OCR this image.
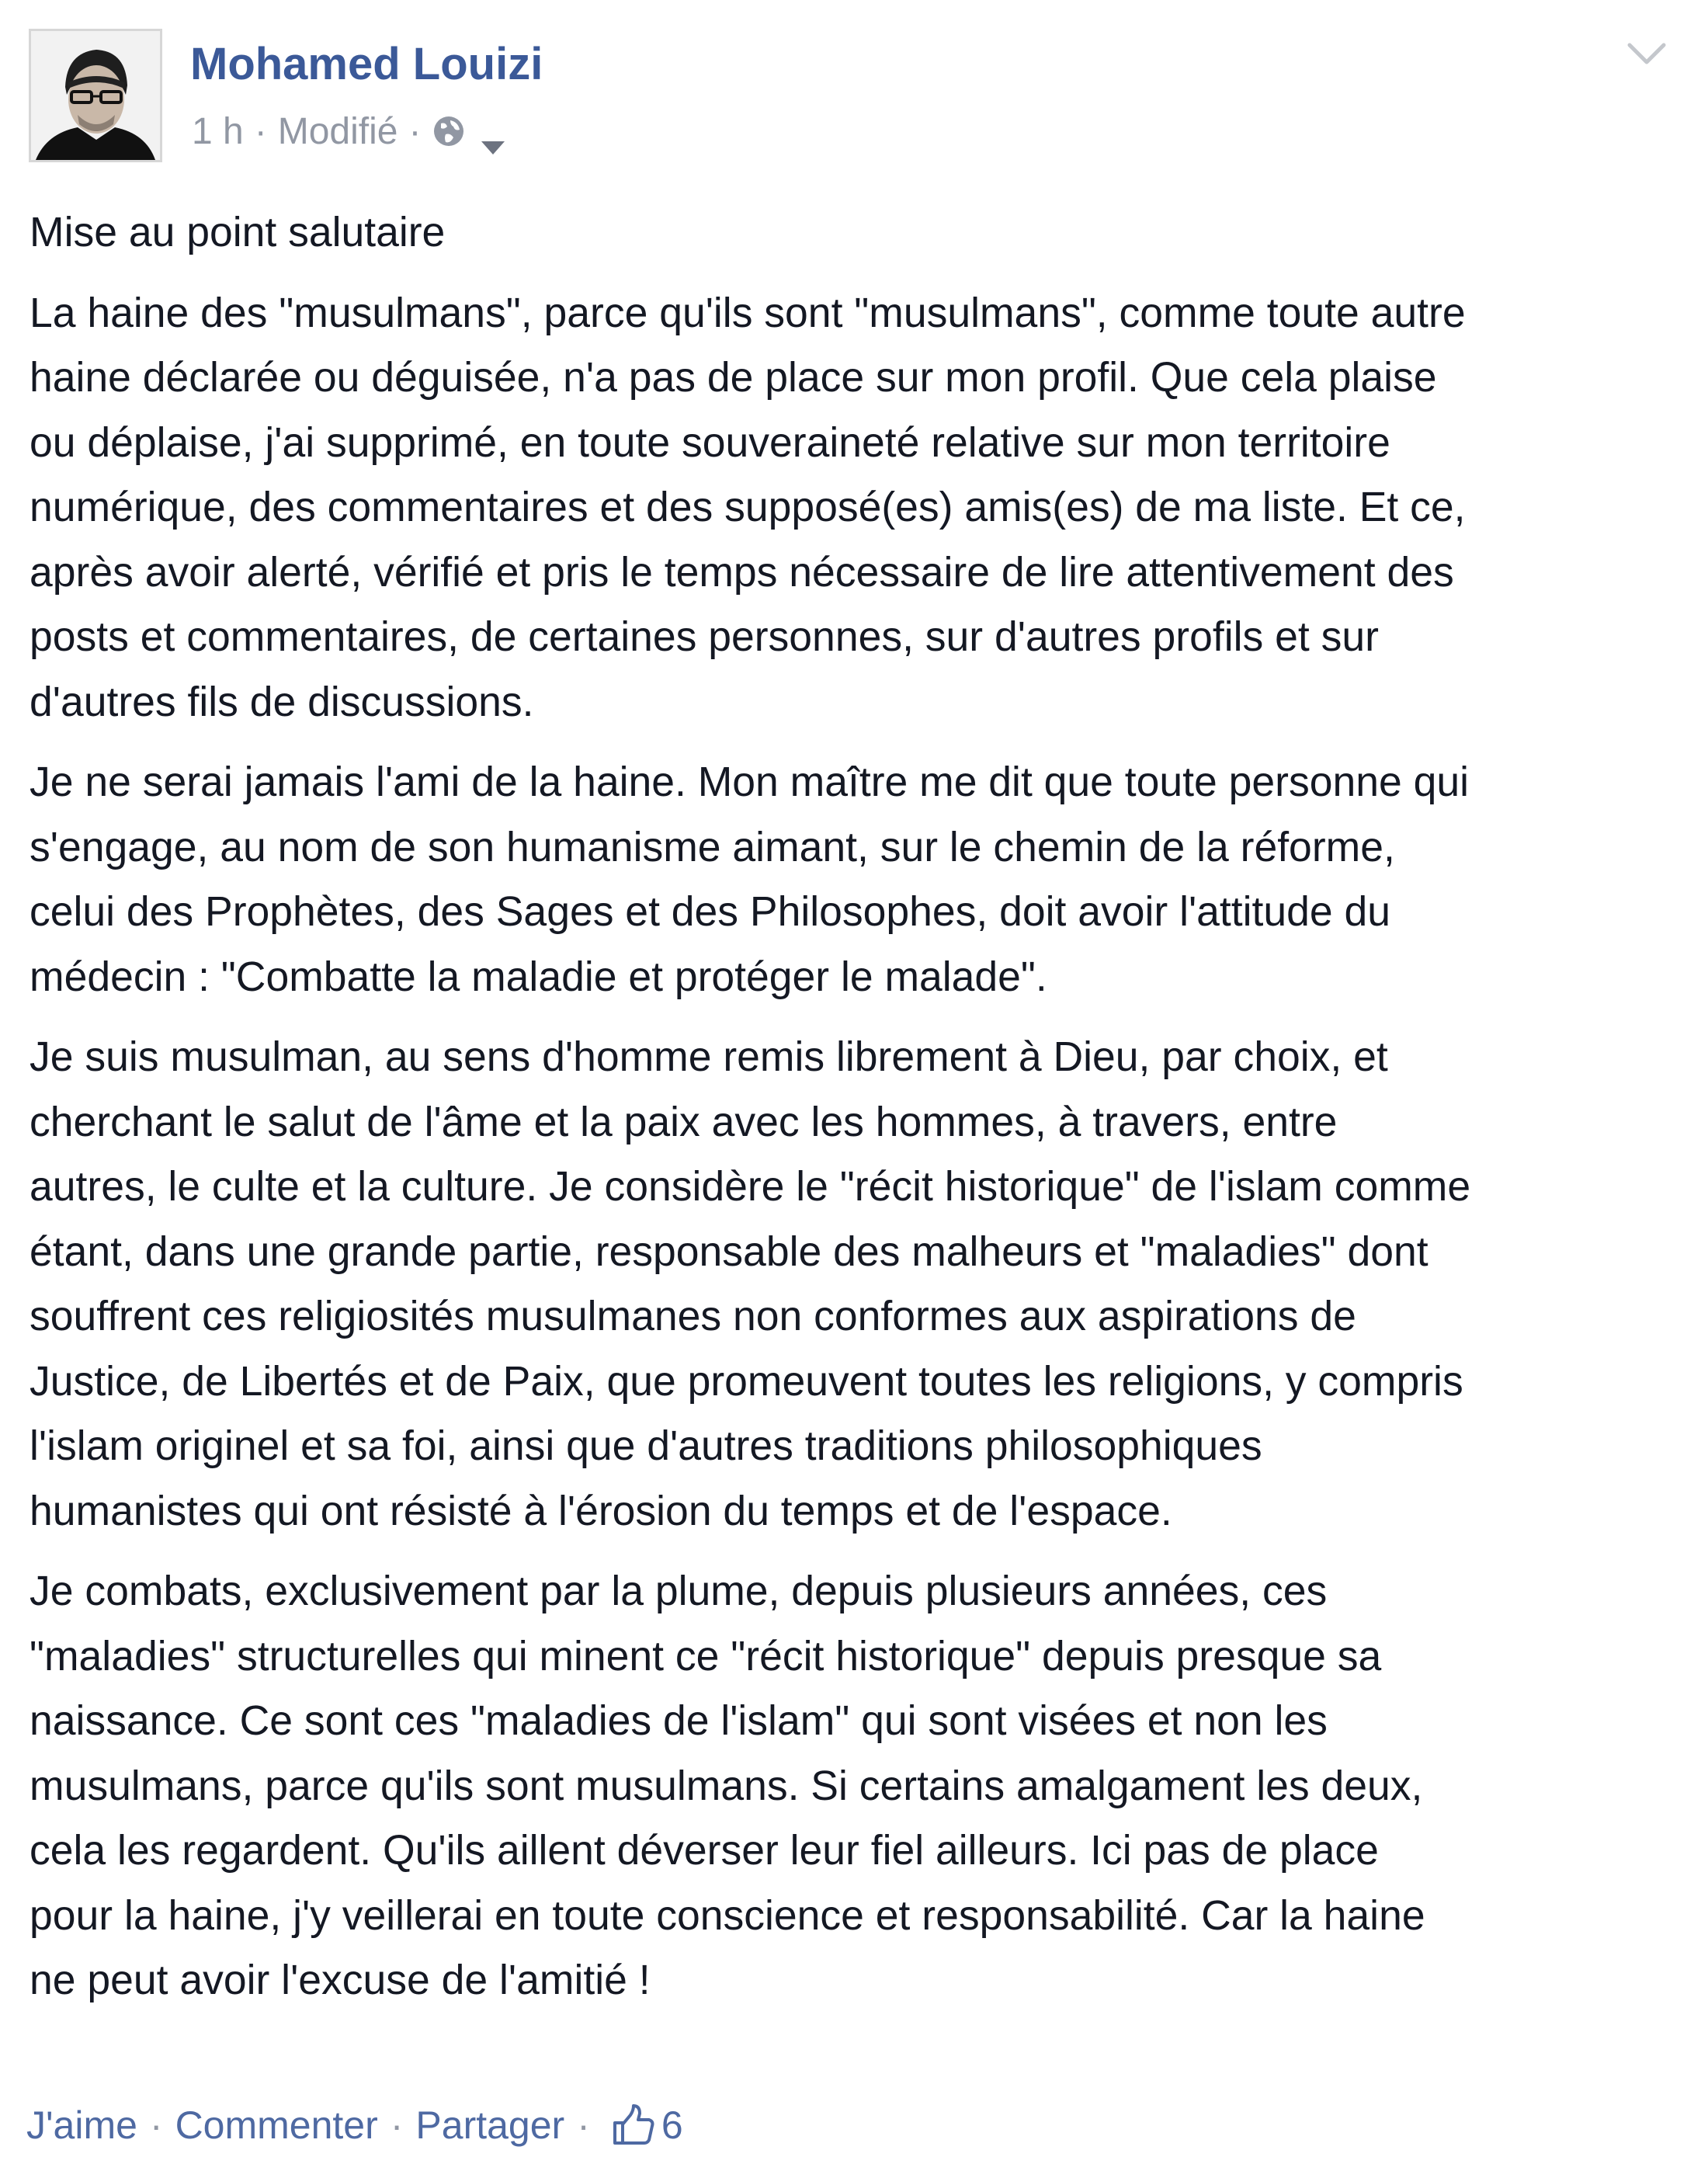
Mohamed Louizi
1 h · Modifié ·

Mise au point salutaire

La haine des "musulmans", parce qu'ils sont "musulmans", comme toute autre
haine déclarée ou déguisée, n'a pas de place sur mon profil. Que cela plaise
ou déplaise, j'ai supprimé, en toute souveraineté relative sur mon territoire
numérique, des commentaires et des supposé(es) amis(es) de ma liste. Et ce,
après avoir alerté, vérifié et pris le temps nécessaire de lire attentivement des
posts et commentaires, de certaines personnes, sur d'autres profils et sur
d'autres fils de discussions.

Je ne serai jamais l'ami de la haine. Mon maître me dit que toute personne qui
s'engage, au nom de son humanisme aimant, sur le chemin de la réforme,
celui des Prophètes, des Sages et des Philosophes, doit avoir l'attitude du
médecin : "Combatte la maladie et protéger le malade".

Je suis musulman, au sens d'homme remis librement à Dieu, par choix, et
cherchant le salut de l'âme et la paix avec les hommes, à travers, entre
autres, le culte et la culture. Je considère le "récit historique" de l'islam comme
étant, dans une grande partie, responsable des malheurs et "maladies" dont
souffrent ces religiosités musulmanes non conformes aux aspirations de
Justice, de Libertés et de Paix, que promeuvent toutes les religions, y compris
l'islam originel et sa foi, ainsi que d'autres traditions philosophiques
humanistes qui ont résisté à l'érosion du temps et de l'espace.

Je combats, exclusivement par la plume, depuis plusieurs années, ces
"maladies" structurelles qui minent ce "récit historique" depuis presque sa
naissance. Ce sont ces "maladies de l'islam" qui sont visées et non les
musulmans, parce qu'ils sont musulmans. Si certains amalgament les deux,
cela les regardent. Qu'ils aillent déverser leur fiel ailleurs. Ici pas de place
pour la haine, j'y veillerai en toute conscience et responsabilité. Car la haine
ne peut avoir l'excuse de l'amitié !

J'aime · Commenter · Partager · 6
